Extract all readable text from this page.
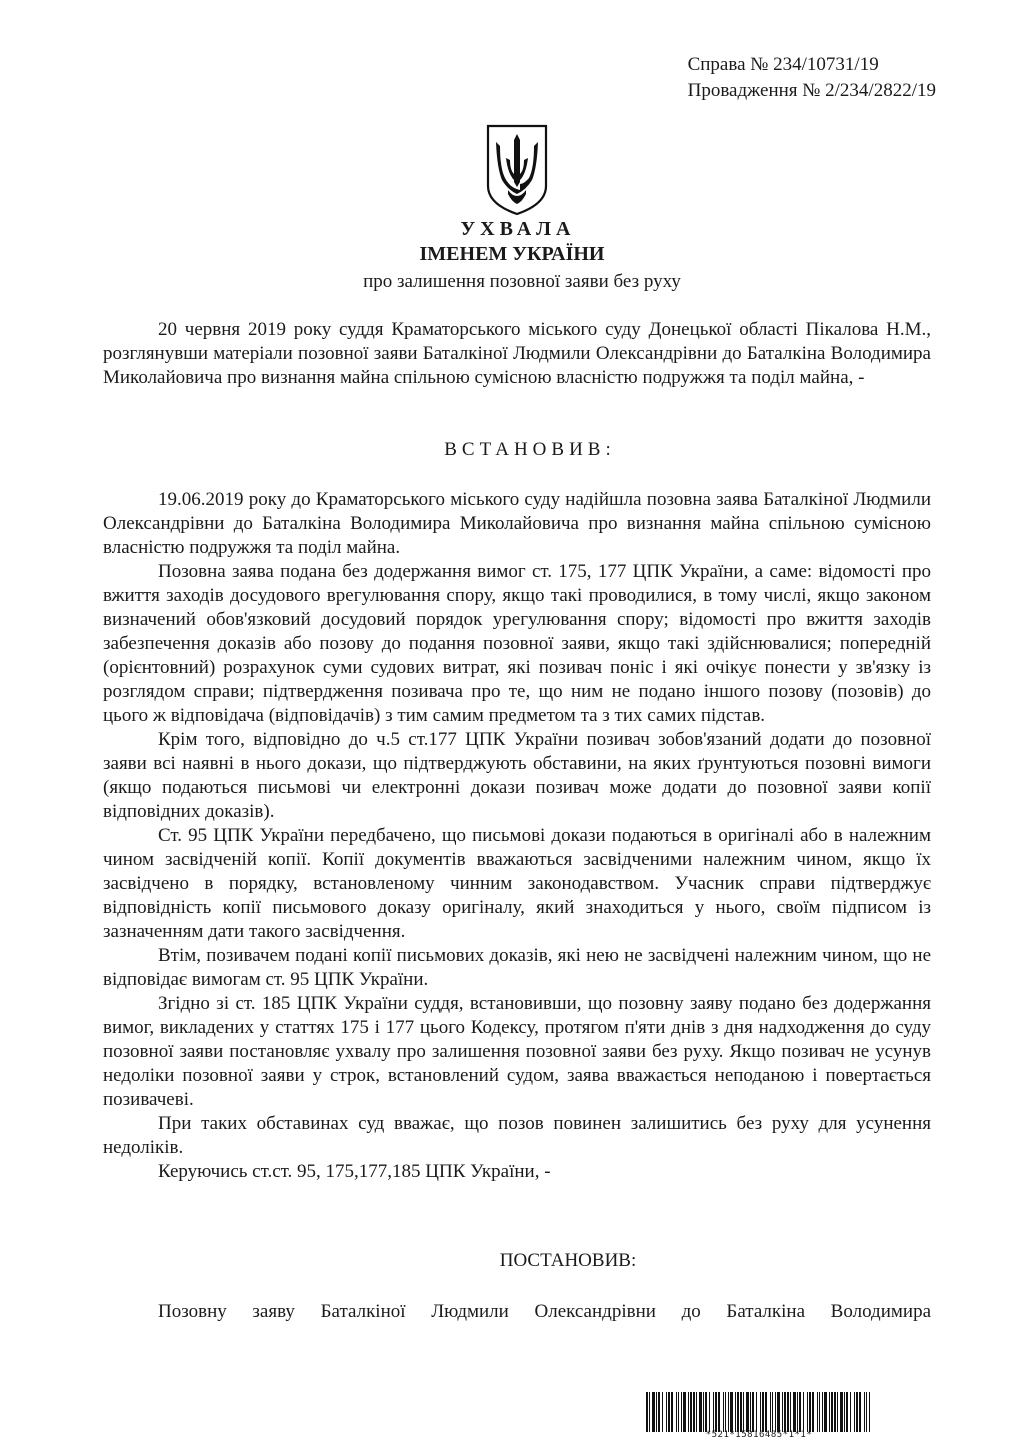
Справа № 234/10731/19
Провадження № 2/234/2822/19
УХВАЛА
ІМЕНЕМ УКРАЇНИ
про залишення позовної заяви без руху

20 червня 2019 року суддя Краматорського міського суду Донецької області Пікалова Н.М., розглянувши матеріали позовної заяви Баталкіної Людмили Олександрівни до Баталкіна Володимира Миколайовича про визнання майна спільною сумісною власністю подружжя та поділ майна, -

ВСТАНОВИВ:

19.06.2019 року до Краматорського міського суду надійшла позовна заява Баталкіної Людмили Олександрівни до Баталкіна Володимира Миколайовича про визнання майна спільною сумісною власністю подружжя та поділ майна.

Позовна заява подана без додержання вимог ст. 175, 177 ЦПК України, а саме: відомості про вжиття заходів досудового врегулювання спору, якщо такі проводилися, в тому числі, якщо законом визначений обов'язковий досудовий порядок урегулювання спору; відомості про вжиття заходів забезпечення доказів або позову до подання позовної заяви, якщо такі здійснювалися; попередній (орієнтовний) розрахунок суми судових витрат, які позивач поніс і які очікує понести у зв'язку із розглядом справи; підтвердження позивача про те, що ним не подано іншого позову (позовів) до цього ж відповідача (відповідачів) з тим самим предметом та з тих самих підстав.

Крім того, відповідно до ч.5 ст.177 ЦПК України позивач зобов'язаний додати до позовної заяви всі наявні в нього докази, що підтверджують обставини, на яких ґрунтуються позовні вимоги (якщо подаються письмові чи електронні докази позивач може додати до позовної заяви копії відповідних доказів).

Ст. 95 ЦПК України передбачено, що письмові докази подаються в оригіналі або в належним чином засвідченій копії. Копії документів вважаються засвідченими належним чином, якщо їх засвідчено в порядку, встановленому чинним законодавством. Учасник справи підтверджує відповідність копії письмового доказу оригіналу, який знаходиться у нього, своїм підписом із зазначенням дати такого засвідчення.

Втім, позивачем подані копії письмових доказів, які нею не засвідчені належним чином, що не відповідає вимогам ст. 95 ЦПК України.

Згідно зі ст. 185 ЦПК України суддя, встановивши, що позовну заяву подано без додержання вимог, викладених у статтях 175 і 177 цього Кодексу, протягом п'яти днів з дня надходження до суду позовної заяви постановляє ухвалу про залишення позовної заяви без руху. Якщо позивач не усунув недоліки позовної заяви у строк, встановлений судом, заява вважається неподаною і повертається позивачеві.

При таких обставинах суд вважає, що позов повинен залишитись без руху для усунення недоліків.

Керуючись ст.ст. 95, 175,177,185 ЦПК України, -

ПОСТАНОВИВ:

Позовну заяву Баталкіної Людмили Олександрівни до Баталкіна Володимира

*521*15816485*1*1*
